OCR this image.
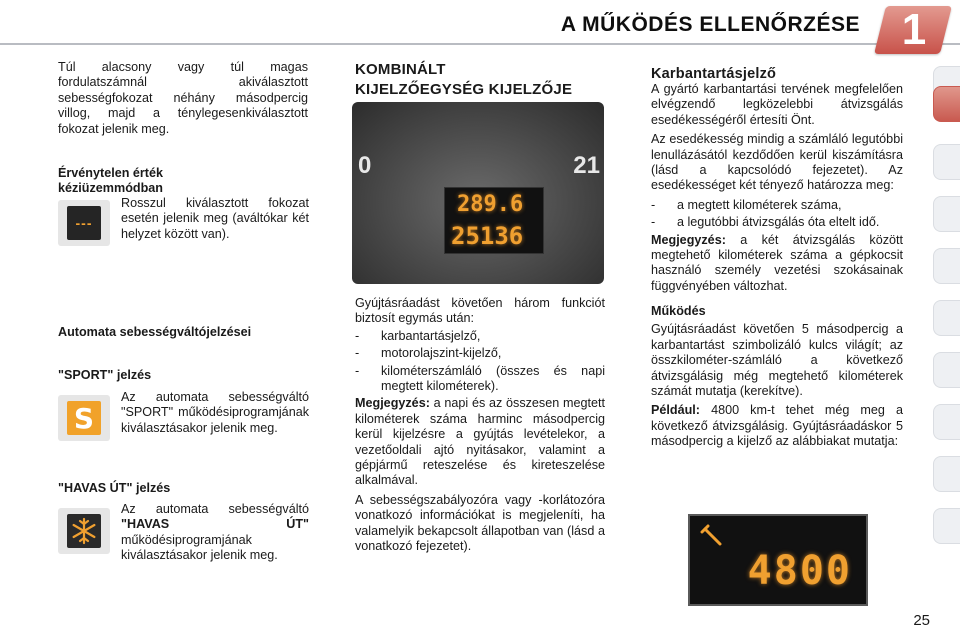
A MŰKÖDÉS ELLENŐRZÉSE 1
Túl alacsony vagy túl magas fordulatszámnál akiválasztott sebességfokozat néhány másodpercig villog, majd a ténylegesenkiválasztott fokozat jelenik meg.

Érvénytelen érték

kéziüzemmódban

---
Rosszul kiválasztott fokozat esetén jelenik meg (aváltókar két helyzet között van).

Automata sebességváltójelzései

"SPORT" jelzés

S
Az automata sebességváltó "SPORT" működésiprogramjának kiválasztásakor jelenik meg.

"HAVAS ÚT" jelzés

Az automata sebességváltó "HAVAS ÚT" működésiprogramjának kiválasztásakor jelenik meg.

KOMBINÁLT

KIJELZŐEGYSÉG KIJELZŐJE

0	21
289.6
25136

Gyújtásráadást követően három funkciót biztosít egymás után:

- karbantartásjelző,
- motorolajszint-kijelző,
- kilométerszámláló (összes és napi megtett kilométerek).

Megjegyzés: a napi és az összesen megtett kilométerek száma harminc másodpercig kerül kijelzésre a gyújtás levételekor, a vezetőoldali ajtó nyitásakor, valamint a gépjármű reteszelése és kireteszelése alkalmával.

A sebességszabályozóra vagy -korlátozóra vonatkozó információkat is megjeleníti, ha valamelyik bekapcsolt állapotban van (lásd a vonatkozó fejezetet).

Karbantartásjelző

A gyártó karbantartási tervének megfelelően elvégzendő legközelebbi átvizsgálás esedékességéről értesíti Önt.

Az esedékesség mindig a számláló legutóbbi lenullázásától kezdődően kerül kiszámításra (lásd a kapcsolódó fejezetet). Az esedékességet két tényező határozza meg:

- a megtett kilométerek száma,
- a legutóbbi átvizsgálás óta eltelt idő.

Megjegyzés: a két átvizsgálás között megtehető kilométerek száma a gépkocsit használó személy vezetési szokásainak függvényében változhat.

Működés

Gyújtásráadást követően 5 másodpercig a karbantartást szimbolizáló kulcs világít; az összkilométer-számláló a következő átvizsgálásig még megtehető kilométerek számát mutatja (kerekítve).

Például: 4800 km-t tehet még meg a következő átvizsgálásig. Gyújtásráadáskor 5 másodpercig a kijelző az alábbiakat mutatja:

4800
25
